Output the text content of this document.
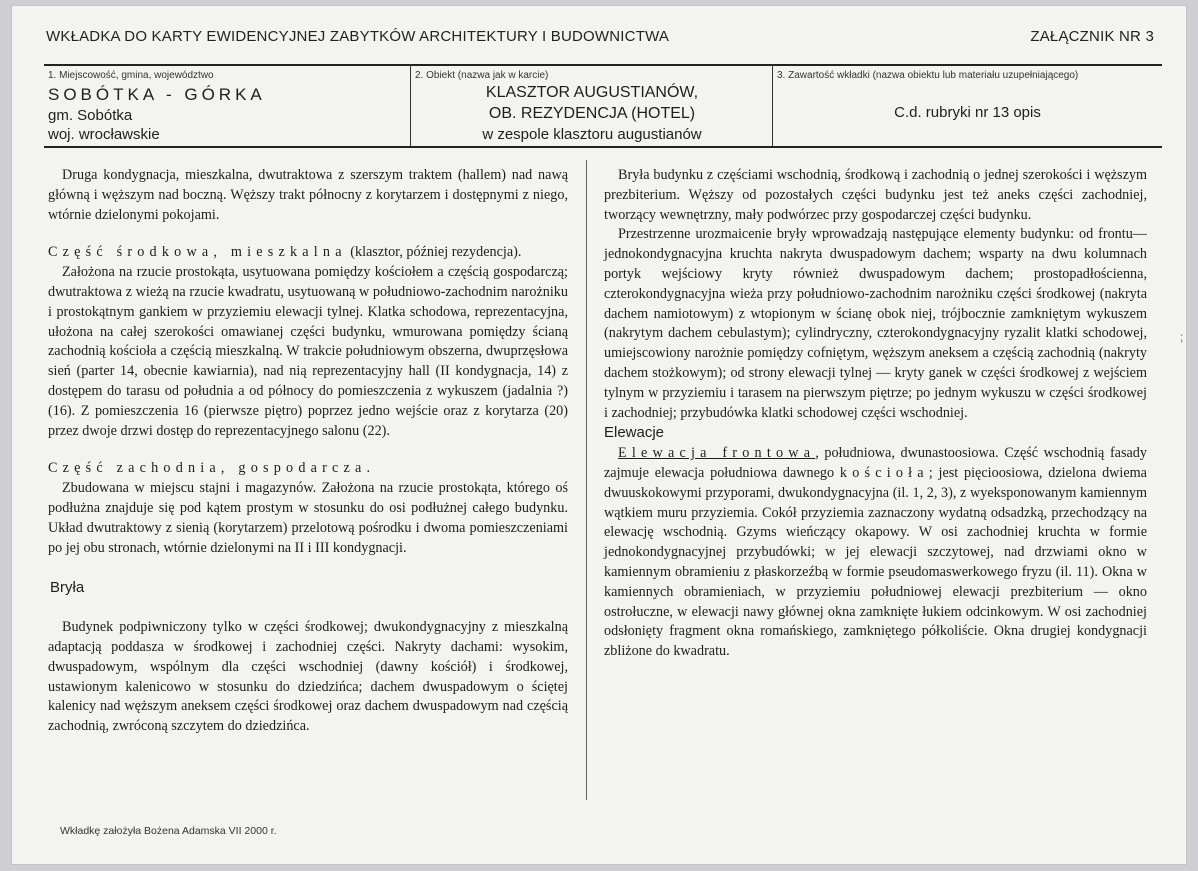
WKŁADKA DO KARTY EWIDENCYJNEJ ZABYTKÓW ARCHITEKTURY I BUDOWNICTWA	ZAŁĄCZNIK NR 3
1. Miejscowość, gmina, województwo
SOBÓTKA - GÓRKA
gm. Sobótka
woj. wrocławskie
2. Obiekt (nazwa jak w karcie)
KLASZTOR AUGUSTIANÓW,
OB. REZYDENCJA (HOTEL)
w zespole klasztoru augustianów
3. Zawartość wkładki (nazwa obiektu lub materiału uzupełniającego)
C.d. rubryki nr 13 opis

Druga kondygnacja, mieszkalna, dwutraktowa z szerszym traktem (hallem) nad nawą główną i węższym nad boczną. Węższy trakt północny z korytarzem i dostępnymi z niego, wtórnie dzielonymi pokojami.

Część środkowa, mieszkalna (klasztor, później rezydencja).

Założona na rzucie prostokąta, usytuowana pomiędzy kościołem a częścią gospodarczą; dwutraktowa z wieżą na rzucie kwadratu, usytuowaną w południowo-zachodnim narożniku i prostokątnym gankiem w przyziemiu elewacji tylnej. Klatka schodowa, reprezentacyjna, ułożona na całej szerokości omawianej części budynku, wmurowana pomiędzy ścianą zachodnią kościoła a częścią mieszkalną. W trakcie południowym obszerna, dwuprzęsłowa sień (parter 14, obecnie kawiarnia), nad nią reprezentacyjny hall (II kondygnacja, 14) z dostępem do tarasu od południa a od północy do pomieszczenia z wykuszem (jadalnia ?) (16). Z pomieszczenia 16 (pierwsze piętro) poprzez jedno wejście oraz z korytarza (20) przez dwoje drzwi dostęp do reprezentacyjnego salonu (22).

Część zachodnia, gospodarcza.

Zbudowana w miejscu stajni i magazynów. Założona na rzucie prostokąta, którego oś podłużna znajduje się pod kątem prostym w stosunku do osi podłużnej całego budynku. Układ dwutraktowy z sienią (korytarzem) przelotową pośrodku i dwoma pomieszczeniami po jej obu stronach, wtórnie dzielonymi na II i III kondygnacji.

Bryła

Budynek podpiwniczony tylko w części środkowej; dwukondygnacyjny z mieszkalną adaptacją poddasza w środkowej i zachodniej części. Nakryty dachami: wysokim, dwuspadowym, wspólnym dla części wschodniej (dawny kościół) i środkowej, ustawionym kalenicowo w stosunku do dziedzińca; dachem dwuspadowym o ściętej kalenicy nad węższym aneksem części środkowej oraz dachem dwuspadowym nad częścią zachodnią, zwróconą szczytem do dziedzińca.

Bryła budynku z częściami wschodnią, środkową i zachodnią o jednej szerokości i węższym prezbiterium. Węższy od pozostałych części budynku jest też aneks części zachodniej, tworzący wewnętrzny, mały podwórzec przy gospodarczej części budynku.

Przestrzenne urozmaicenie bryły wprowadzają następujące elementy budynku: od frontu—jednokondygnacyjna kruchta nakryta dwuspadowym dachem; wsparty na dwu kolumnach portyk wejściowy kryty również dwuspadowym dachem; prostopadłościenna, czterokondygnacyjna wieża przy południowo-zachodnim narożniku części środkowej (nakryta dachem namiotowym) z wtopionym w ścianę obok niej, trójbocznie zamkniętym wykuszem (nakrytym dachem cebulastym); cylindryczny, czterokondygnacyjny ryzalit klatki schodowej, umiejscowiony narożnie pomiędzy cofniętym, węższym aneksem a częścią zachodnią (nakryty dachem stożkowym); od strony elewacji tylnej — kryty ganek w części środkowej z wejściem tylnym w przyziemiu i tarasem na pierwszym piętrze; po jednym wykuszu w części środkowej i zachodniej; przybudówka klatki schodowej części wschodniej.

Elewacje

Elewacja frontowa, południowa, dwunastoosiowa. Część wschodnią fasady zajmuje elewacja południowa dawnego kościoła; jest pięcioosiowa, dzielona dwiema dwuuskokowymi przyporami, dwukondygnacyjna (il. 1, 2, 3), z wyeksponowanym kamiennym wątkiem muru przyziemia. Cokół przyziemia zaznaczony wydatną odsadzką, przechodzący na elewację wschodnią. Gzyms wieńczący okapowy. W osi zachodniej kruchta w formie jednokondygnacyjnej przybudówki; w jej elewacji szczytowej, nad drzwiami okno w kamiennym obramieniu z płaskorzeźbą w formie pseudomaswerkowego fryzu (il. 11). Okna w kamiennych obramieniach, w przyziemiu południowej elewacji prezbiterium — okno ostrołuczne, w elewacji nawy głównej okna zamknięte łukiem odcinkowym. W osi zachodniej odsłonięty fragment okna romańskiego, zamkniętego półkoliście. Okna drugiej kondygnacji zbliżone do kwadratu.

;
Wkładkę założyła Bożena Adamska VII 2000 r.
